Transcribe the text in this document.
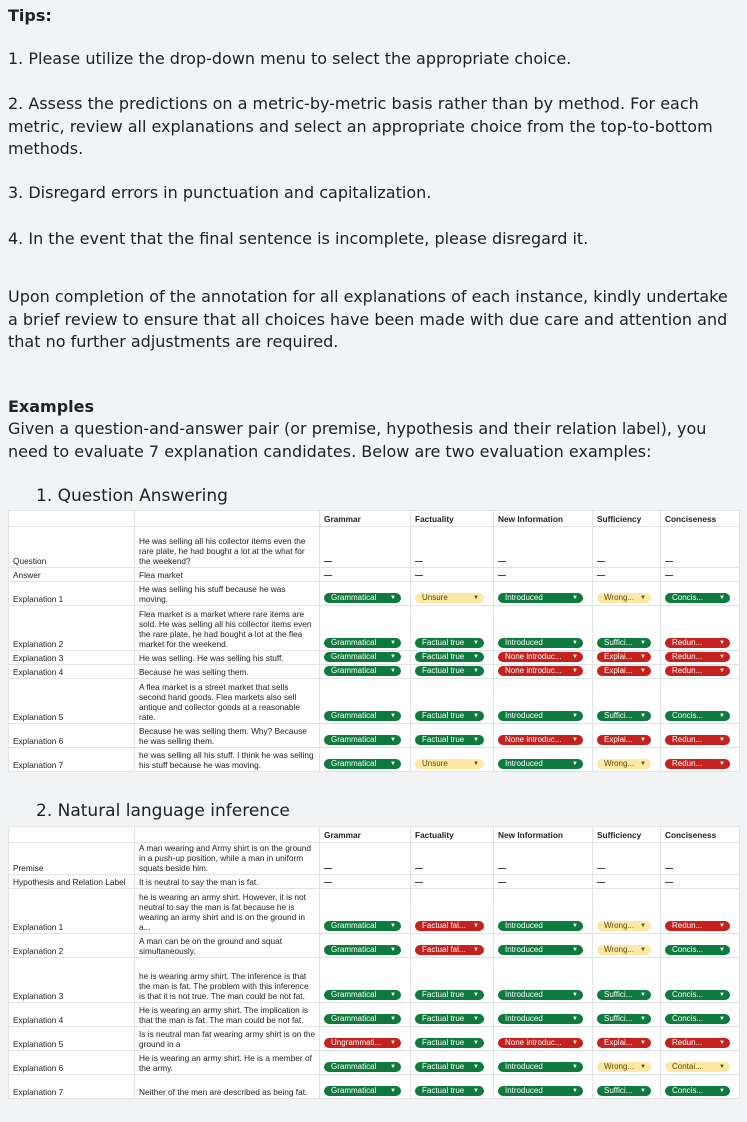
Tips:
1. Please utilize the drop-down menu to select the appropriate choice.
2. Assess the predictions on a metric-by-metric basis rather than by method. For each metric, review all explanations and select an appropriate choice from the top-to-bottom methods.
3. Disregard errors in punctuation and capitalization.
4. In the event that the final sentence is incomplete, please disregard it.
Upon completion of the annotation for all explanations of each instance, kindly undertake a brief review to ensure that all choices have been made with due care and attention and that no further adjustments are required.
Examples
Given a question-and-answer pair (or premise, hypothesis and their relation label), you need to evaluate 7 explanation candidates. Below are two evaluation examples:
1. Question Answering
		Grammar	Factuality	New Information	Sufficiency	Conciseness
Question	He was selling all his collector items even the rare plate, he had bought a lot at the what for the weekend?					
Answer	Flea market					
Explanation 1	He was selling his stuff because he was moving.	Grammatical ▼	Unsure ▼	Introduced ▼	Wrong... ▼	Concis... ▼

Explanation 2	Flea market is a market where rare items are sold. He was selling all his collector items even the rare plate, he had bought a lot at the flea market for the weekend.	Grammatical ▼	Factual true ▼	Introduced ▼	Suffici... ▼	Redun... ▼

Explanation 3	He was selling. He was selling his stuff.	Grammatical ▼	Factual true ▼	None introduc... ▼	Explai... ▼	Redun... ▼

Explanation 4	Because he was selling them.	Grammatical ▼	Factual true ▼	None introduc... ▼	Explai... ▼	Redun... ▼

Explanation 5	A flea market is a street market that sells second hand goods. Flea markets also sell antique and collector goods at a reasonable rate.	Grammatical ▼	Factual true ▼	Introduced ▼	Suffici... ▼	Concis... ▼

Explanation 6	Because he was selling them. Why? Because he was selling them.	Grammatical ▼	Factual true ▼	None introduc... ▼	Explai... ▼	Redun... ▼

Explanation 7	he was selling all his stuff. I think he was selling his stuff because he was moving.	Grammatical ▼	Unsure ▼	Introduced ▼	Wrong... ▼	Redun... ▼
2. Natural language inference
		Grammar	Factuality	New Information	Sufficiency	Conciseness
Premise	A man wearing and Army shirt is on the ground in a push-up position, while a man in uniform squats beside him.					
Hypothesis and Relation Label	It is neutral to say the man is fat.					
Explanation 1	he is wearing an army shirt. However, it is not neutral to say the man is fat because he is wearing an army shirt and is on the ground in a...	Grammatical ▼	Factual fal... ▼	Introduced ▼	Wrong... ▼	Redun... ▼

Explanation 2	A man can be on the ground and squat simultaneously.	Grammatical ▼	Factual fal... ▼	Introduced ▼	Wrong... ▼	Concis... ▼

Explanation 3	he is wearing army shirt. The inference is that the man is fat. The problem with this inference is that it is not true. The man could be not fat.	Grammatical ▼	Factual true ▼	Introduced ▼	Suffici... ▼	Concis... ▼

Explanation 4	He is wearing an army shirt. The implication is that the man is fat. The man could be not fat.	Grammatical ▼	Factual true ▼	Introduced ▼	Suffici... ▼	Concis... ▼

Explanation 5	Is is neutral man fat wearing army shirt is on the ground in a	Ungrammati... ▼	Factual true ▼	None introduc... ▼	Explai... ▼	Redun... ▼

Explanation 6	He is wearing an army shirt. He is a member of the army.	Grammatical ▼	Factual true ▼	Introduced ▼	Wrong... ▼	Contai... ▼

Explanation 7	Neither of the men are described as being fat.	Grammatical ▼	Factual true ▼	Introduced ▼	Suffici... ▼	Concis... ▼
